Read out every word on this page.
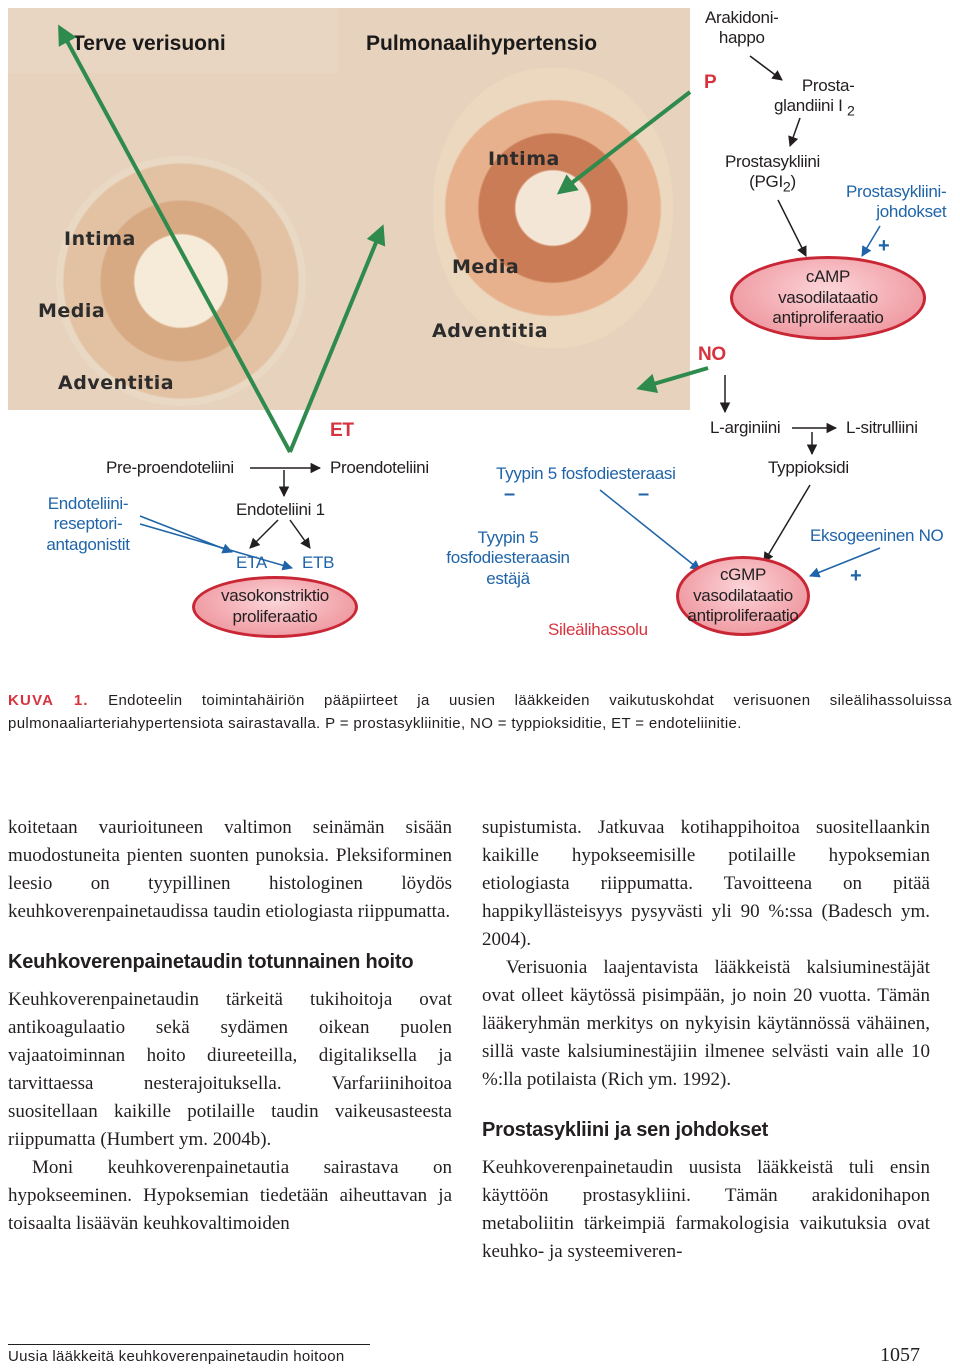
Terve verisuoni	Pulmonaalihypertensio
Intima
Media
Adventitia
Intima
Media
Adventitia
P
Arakidoni-
happo
Prosta-
glandiini I $_2$
Prostasykliini
$(PGI_2)$
Prostasykliini-
johdokset
+
cAMP
vasodilataatio
antiproliferaatio
NO
L-arginiini	L-sitrulliini
Typpioksidi
Eksogeeninen NO
+
cGMP
vasodilataatio
antiproliferaatio
Tyypin 5 fosfodiesteraasi
–	–
Tyypin 5
fosfodiesteraasin
estäjä
Sileälihassolu
ET
Pre-proendoteliini	Proendoteliini
Endoteliini 1
Endoteliini-
reseptori-
antagonistit
ETA ETB
vasokonstriktio
proliferaatio
KUVA 1. Endoteelin toimintahäiriön pääpiirteet ja uusien lääkkeiden vaikutuskohdat verisuonen sileälihassoluissa pulmonaaliarteriahypertensiota sairastavalla. P = prostasykliinitie, NO = typpioksiditie, ET = endoteliinitie.

koitetaan vaurioituneen valtimon seinämän sisään muodostuneita pienten suonten punoksia. Pleksiforminen leesio on tyypillinen histologinen löydös keuhkoverenpainetaudissa taudin etiologiasta riippumatta.

Keuhkoverenpainetaudin totunnainen hoito

Keuhkoverenpainetaudin tärkeitä tukihoitoja ovat antikoagulaatio sekä sydämen oikean puolen vajaatoiminnan hoito diureeteilla, digitaliksella ja tarvittaessa nesterajoituksella. Varfariinihoitoa suositellaan kaikille potilaille taudin vaikeusasteesta riippumatta (Humbert ym. 2004b).

Moni keuhkoverenpainetautia sairastava on hypokseeminen. Hypoksemian tiedetään aiheuttavan ja toisaalta lisäävän keuhkovaltimoiden

supistumista. Jatkuvaa kotihappihoitoa suositellaankin kaikille hypokseemisille potilaille hypoksemian etiologiasta riippumatta. Tavoitteena on pitää happikyllästeisyys pysyvästi yli 90 %:ssa (Badesch ym. 2004).

Verisuonia laajentavista lääkkeistä kalsiuminestäjät ovat olleet käytössä pisimpään, jo noin 20 vuotta. Tämän lääkeryhmän merkitys on nykyisin käytännössä vähäinen, sillä vaste kalsiuminestäjiin ilmenee selvästi vain alle 10 %:lla potilaista (Rich ym. 1992).

Prostasykliini ja sen johdokset

Keuhkoverenpainetaudin uusista lääkkeistä tuli ensin käyttöön prostasykliini. Tämän arakidonihapon metaboliitin tärkeimpiä farmakologisia vaikutuksia ovat keuhko- ja systeemiveren-

Uusia lääkkeitä keuhkoverenpainetaudin hoitoon	1057
